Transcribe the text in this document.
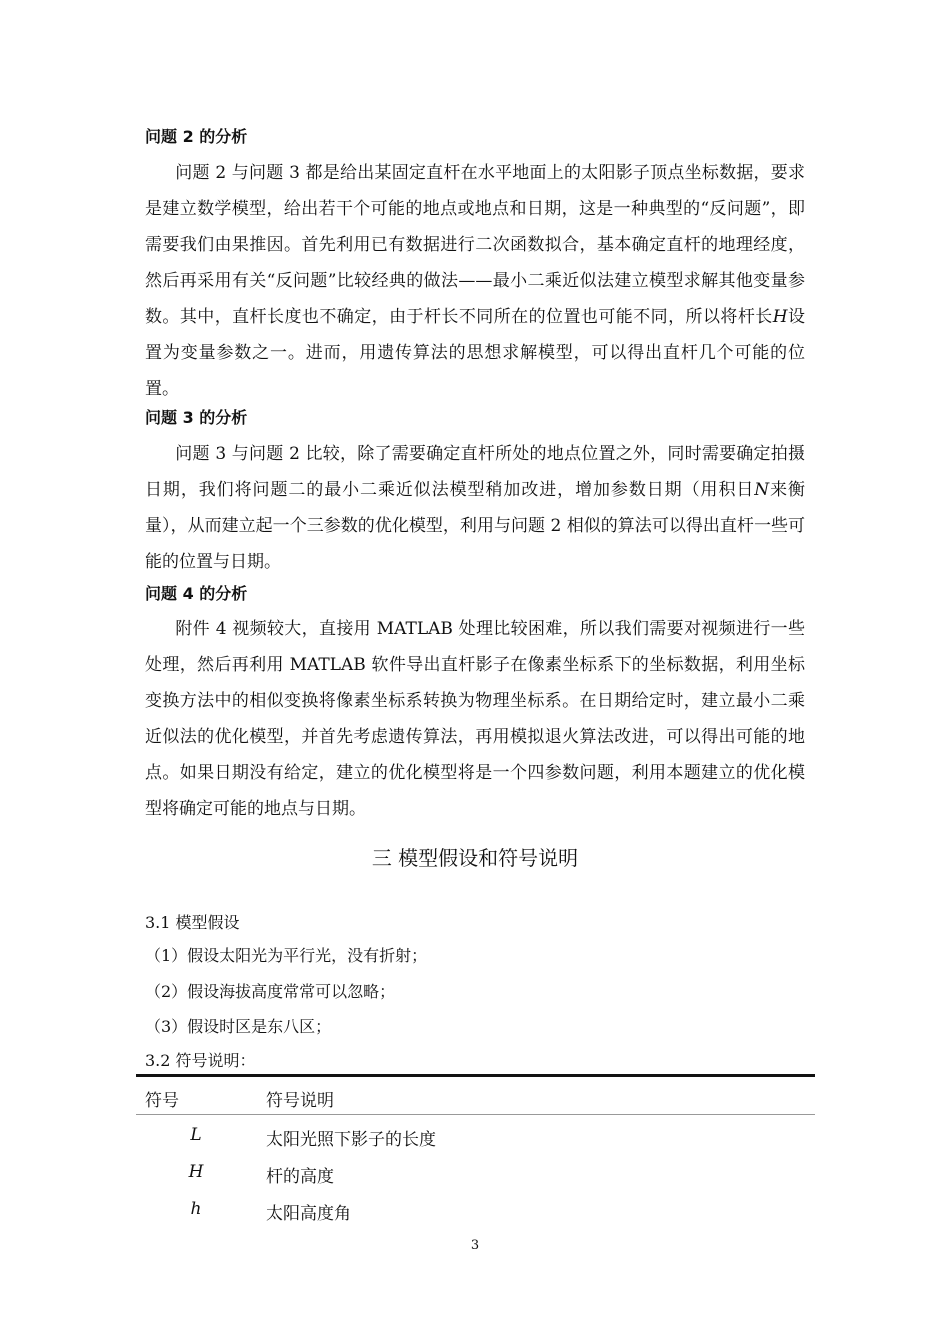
问题 2 的分析

问题 2 与问题 3 都是给出某固定直杆在水平地面上的太阳影子顶点坐标数据，要求是建立数学模型，给出若干个可能的地点或地点和日期，这是一种典型的“反问题”，即需要我们由果推因。首先利用已有数据进行二次函数拟合，基本确定直杆的地理经度，然后再采用有关“反问题”比较经典的做法——最小二乘近似法建立模型求解其他变量参数。其中，直杆长度也不确定，由于杆长不同所在的位置也可能不同，所以将杆长𝐻设置为变量参数之一。进而，用遗传算法的思想求解模型，可以得出直杆几个可能的位置。

问题 3 的分析

问题 3 与问题 2 比较，除了需要确定直杆所处的地点位置之外，同时需要确定拍摄日期，我们将问题二的最小二乘近似法模型稍加改进，增加参数日期（用积日𝑁来衡量），从而建立起一个三参数的优化模型，利用与问题 2 相似的算法可以得出直杆一些可能的位置与日期。

问题 4 的分析

附件 4 视频较大，直接用 MATLAB 处理比较困难，所以我们需要对视频进行一些处理，然后再利用 MATLAB 软件导出直杆影子在像素坐标系下的坐标数据，利用坐标变换方法中的相似变换将像素坐标系转换为物理坐标系。在日期给定时，建立最小二乘近似法的优化模型，并首先考虑遗传算法，再用模拟退火算法改进，可以得出可能的地点。如果日期没有给定，建立的优化模型将是一个四参数问题，利用本题建立的优化模型将确定可能的地点与日期。

三 模型假设和符号说明
3.1 模型假设
（1）假设太阳光为平行光，没有折射；
（2）假设海拔高度常常可以忽略；
（3）假设时区是东八区；
3.2 符号说明：
符号	符号说明
L	太阳光照下影子的长度
H	杆的高度
h	太阳高度角
3
